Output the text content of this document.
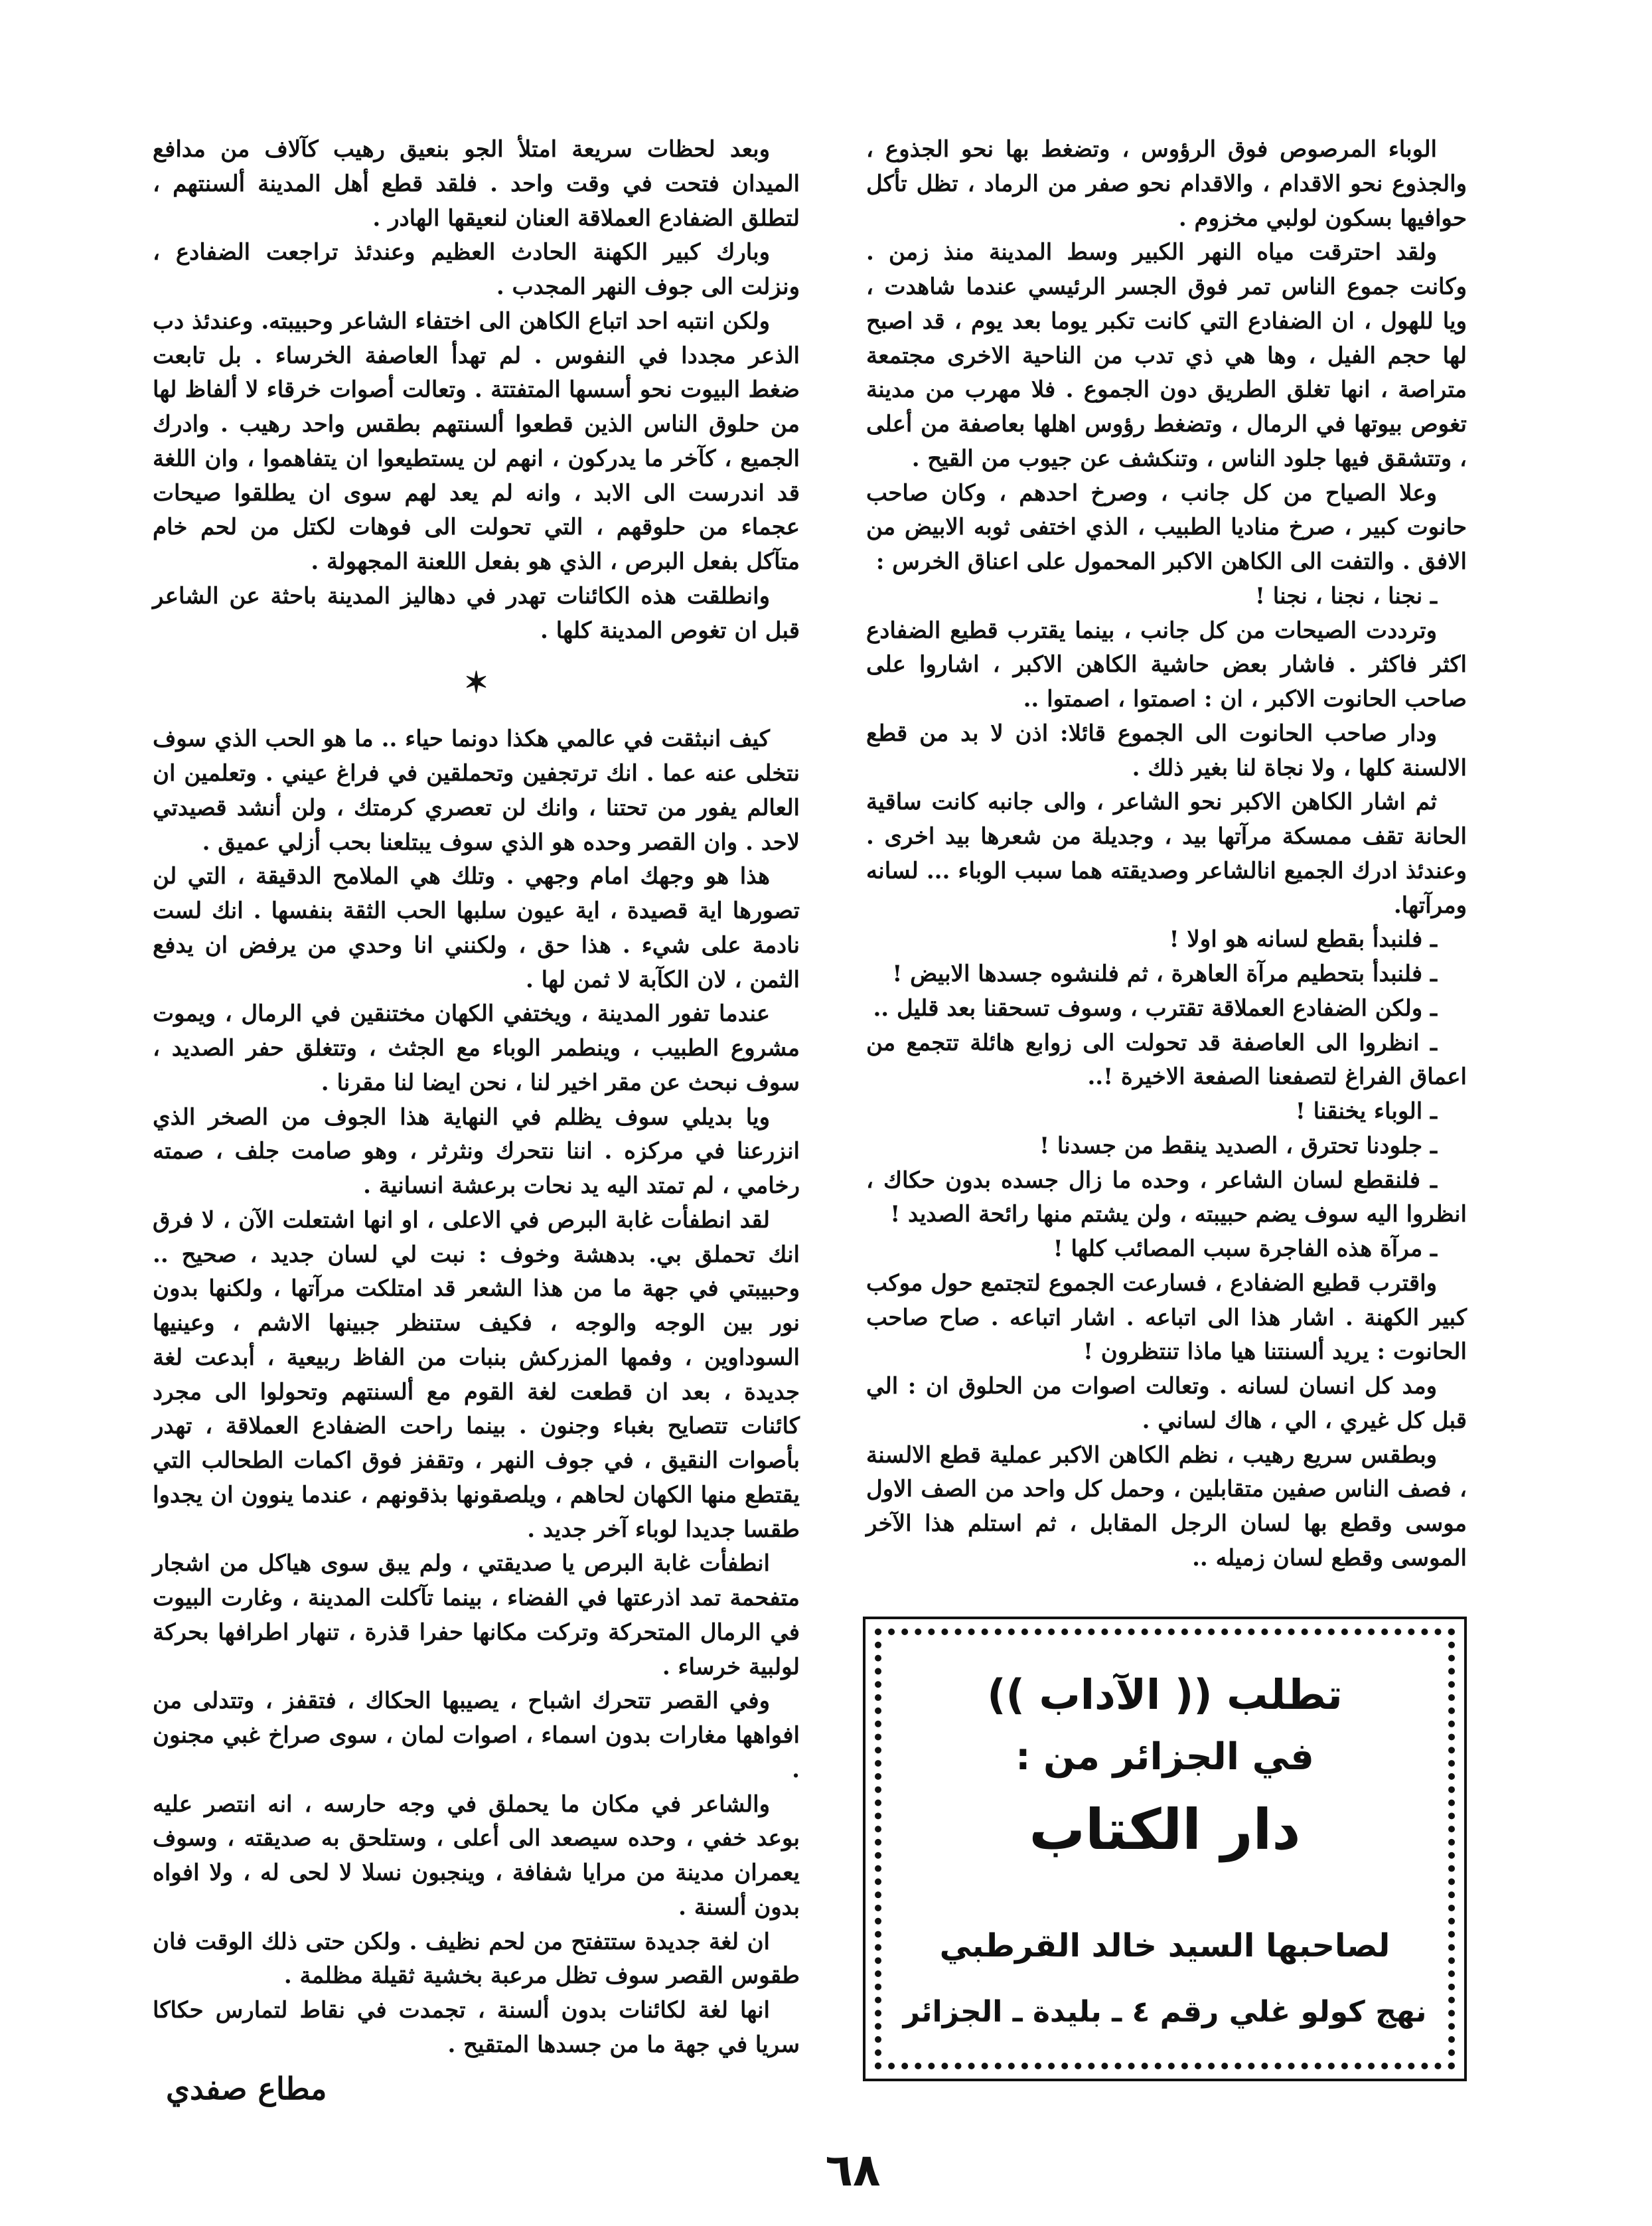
الوباء المرصوص فوق الرؤوس ، وتضغط بها نحو الجذوع ، والجذوع نحو الاقدام ، والاقدام نحو صفر من الرماد ، تظل تأكل حوافيها بسكون لولبي مخزوم .

ولقد احترقت مياه النهر الكبير وسط المدينة منذ زمن . وكانت جموع الناس تمر فوق الجسر الرئيسي عندما شاهدت ، ويا للهول ، ان الضفادع التي كانت تكبر يوما بعد يوم ، قد اصبح لها حجم الفيل ، وها هي ذي تدب من الناحية الاخرى مجتمعة متراصة ، انها تغلق الطريق دون الجموع . فلا مهرب من مدينة تغوص بيوتها في الرمال ، وتضغط رؤوس اهلها بعاصفة من أعلى ، وتتشقق فيها جلود الناس ، وتنكشف عن جيوب من القيح .

وعلا الصياح من كل جانب ، وصرخ احدهم ، وكان صاحب حانوت كبير ، صرخ مناديا الطبيب ، الذي اختفى ثوبه الابيض من الافق . والتفت الى الكاهن الاكبر المحمول على اعناق الخرس :

ـ نجنا ، نجنا ، نجنا !

وترددت الصيحات من كل جانب ، بينما يقترب قطيع الضفادع اكثر فاكثر . فاشار بعض حاشية الكاهن الاكبر ، اشاروا على صاحب الحانوت الاكبر ، ان : اصمتوا ، اصمتوا ..

ودار صاحب الحانوت الى الجموع قائلا: اذن لا بد من قطع الالسنة كلها ، ولا نجاة لنا بغير ذلك .

ثم اشار الكاهن الاكبر نحو الشاعر ، والى جانبه كانت ساقية الحانة تقف ممسكة مرآتها بيد ، وجديلة من شعرها بيد اخرى . وعندئذ ادرك الجميع انالشاعر وصديقته هما سبب الوباء ... لسانه ومرآتها.

ـ فلنبدأ بقطع لسانه هو اولا !

ـ فلنبدأ بتحطيم مرآة العاهرة ، ثم فلنشوه جسدها الابيض !

ـ ولكن الضفادع العملاقة تقترب ، وسوف تسحقنا بعد قليل ..

ـ انظروا الى العاصفة قد تحولت الى زوابع هائلة تتجمع من اعماق الفراغ لتصفعنا الصفعة الاخيرة !..

ـ الوباء يخنقنا !

ـ جلودنا تحترق ، الصديد ينقط من جسدنا !

ـ فلنقطع لسان الشاعر ، وحده ما زال جسده بدون حكاك ، انظروا اليه سوف يضم حبيبته ، ولن يشتم منها رائحة الصديد !

ـ مرآة هذه الفاجرة سبب المصائب كلها !

واقترب قطيع الضفادع ، فسارعت الجموع لتجتمع حول موكب كبير الكهنة . اشار هذا الى اتباعه . اشار اتباعه . صاح صاحب الحانوت : يريد ألسنتنا هيا ماذا تنتظرون !

ومد كل انسان لسانه . وتعالت اصوات من الحلوق ان : الي قبل كل غيري ، الي ، هاك لساني .

وبطقس سريع رهيب ، نظم الكاهن الاكبر عملية قطع الالسنة ، فصف الناس صفين متقابلين ، وحمل كل واحد من الصف الاول موسى وقطع بها لسان الرجل المقابل ، ثم استلم هذا الآخر الموسى وقطع لسان زميله ..

وبعد لحظات سريعة امتلأ الجو بنعيق رهيب كآلاف من مدافع الميدان فتحت في وقت واحد . فلقد قطع أهل المدينة ألسنتهم ، لتطلق الضفادع العملاقة العنان لنعيقها الهادر .

وبارك كبير الكهنة الحادث العظيم وعندئذ تراجعت الضفادع ، ونزلت الى جوف النهر المجدب .

ولكن انتبه احد اتباع الكاهن الى اختفاء الشاعر وحبيبته. وعندئذ دب الذعر مجددا في النفوس . لم تهدأ العاصفة الخرساء . بل تابعت ضغط البيوت نحو أسسها المتفتتة . وتعالت أصوات خرقاء لا ألفاظ لها من حلوق الناس الذين قطعوا ألسنتهم بطقس واحد رهيب . وادرك الجميع ، كآخر ما يدركون ، انهم لن يستطيعوا ان يتفاهموا ، وان اللغة قد اندرست الى الابد ، وانه لم يعد لهم سوى ان يطلقوا صيحات عجماء من حلوقهم ، التي تحولت الى فوهات لكتل من لحم خام متآكل بفعل البرص ، الذي هو بفعل اللعنة المجهولة .

وانطلقت هذه الكائنات تهدر في دهاليز المدينة باحثة عن الشاعر قبل ان تغوص المدينة كلها .

✶

كيف انبثقت في عالمي هكذا دونما حياء .. ما هو الحب الذي سوف نتخلى عنه عما . انك ترتجفين وتحملقين في فراغ عيني . وتعلمين ان العالم يفور من تحتنا ، وانك لن تعصري كرمتك ، ولن أنشد قصيدتي لاحد . وان القصر وحده هو الذي سوف يبتلعنا بحب أزلي عميق .

هذا هو وجهك امام وجهي . وتلك هي الملامح الدقيقة ، التي لن تصورها اية قصيدة ، اية عيون سلبها الحب الثقة بنفسها . انك لست نادمة على شيء . هذا حق ، ولكنني انا وحدي من يرفض ان يدفع الثمن ، لان الكآبة لا ثمن لها .

عندما تفور المدينة ، ويختفي الكهان مختنقين في الرمال ، ويموت مشروع الطبيب ، وينطمر الوباء مع الجثث ، وتتغلق حفر الصديد ، سوف نبحث عن مقر اخير لنا ، نحن ايضا لنا مقرنا .

ويا بديلي سوف يظلم في النهاية هذا الجوف من الصخر الذي انزرعنا في مركزه . اننا نتحرك ونثرثر ، وهو صامت جلف ، صمته رخامي ، لم تمتد اليه يد نحات برعشة انسانية .

لقد انطفأت غابة البرص في الاعلى ، او انها اشتعلت الآن ، لا فرق انك تحملق بي. بدهشة وخوف : نبت لي لسان جديد ، صحيح .. وحبيبتي في جهة ما من هذا الشعر قد امتلكت مرآتها ، ولكنها بدون نور بين الوجه والوجه ، فكيف ستنظر جبينها الاشم ، وعينيها السوداوين ، وفمها المزركش بنبات من الفاظ ربيعية ، أبدعت لغة جديدة ، بعد ان قطعت لغة القوم مع ألسنتهم وتحولوا الى مجرد كائنات تتصايح بغباء وجنون . بينما راحت الضفادع العملاقة ، تهدر بأصوات النقيق ، في جوف النهر ، وتقفز فوق اكمات الطحالب التي يقتطع منها الكهان لحاهم ، ويلصقونها بذقونهم ، عندما ينوون ان يجدوا طقسا جديدا لوباء آخر جديد .

انطفأت غابة البرص يا صديقتي ، ولم يبق سوى هياكل من اشجار متفحمة تمد اذرعتها في الفضاء ، بينما تآكلت المدينة ، وغارت البيوت في الرمال المتحركة وتركت مكانها حفرا قذرة ، تنهار اطرافها بحركة لولبية خرساء .

وفي القصر تتحرك اشباح ، يصيبها الحكاك ، فتقفز ، وتتدلى من افواهها مغارات بدون اسماء ، اصوات لمان ، سوى صراخ غبي مجنون .

والشاعر في مكان ما يحملق في وجه حارسه ، انه انتصر عليه بوعد خفي ، وحده سيصعد الى أعلى ، وستلحق به صديقته ، وسوف يعمران مدينة من مرايا شفافة ، وينجبون نسلا لا لحى له ، ولا افواه بدون ألسنة .

ان لغة جديدة ستتفتح من لحم نظيف . ولكن حتى ذلك الوقت فان طقوس القصر سوف تظل مرعبة بخشية ثقيلة مظلمة .

انها لغة لكائنات بدون ألسنة ، تجمدت في نقاط لتمارس حكاكا سريا في جهة ما من جسدها المتقيح .

مطاع صفدي
تطلب (( الآداب ))
في الجزائر من :
دار الكتاب
لصاحبها السيد خالد القرطبي
نهج كولو غلي رقم ٤ ـ بليدة ـ الجزائر
٦٨
